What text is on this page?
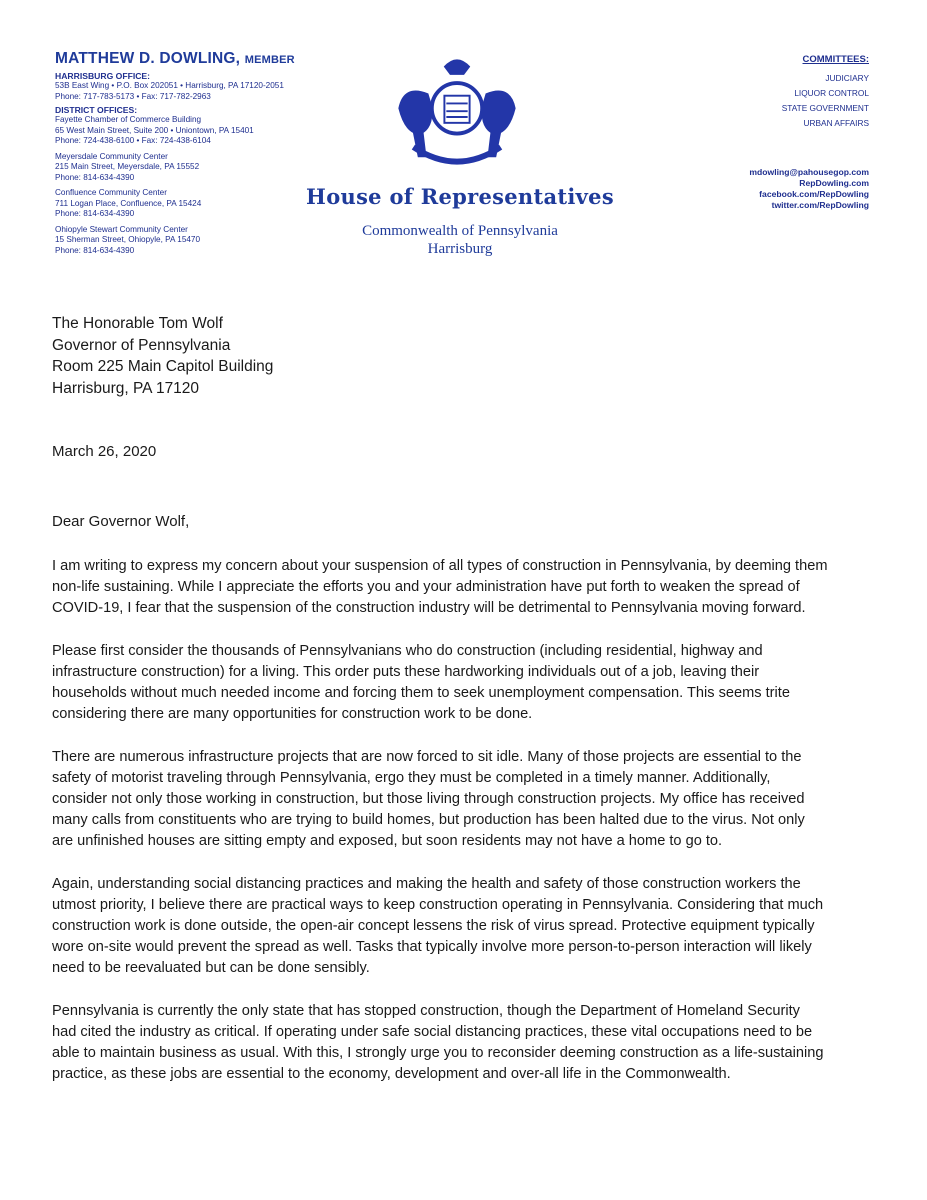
MATTHEW D. DOWLING, MEMBER
HARRISBURG OFFICE:
53B East Wing • P.O. Box 202051 • Harrisburg, PA 17120-2051
Phone: 717-783-5173 • Fax: 717-782-2963
DISTRICT OFFICES:
Fayette Chamber of Commerce Building
65 West Main Street, Suite 200 • Uniontown, PA 15401
Phone: 724-438-6100 • Fax: 724-438-6104
Meyersdale Community Center
215 Main Street, Meyersdale, PA 15552
Phone: 814-634-4390
Confluence Community Center
711 Logan Place, Confluence, PA 15424
Phone: 814-634-4390
Ohiopyle Stewart Community Center
15 Sherman Street, Ohiopyle, PA 15470
Phone: 814-634-4390
House of Representatives
Commonwealth of Pennsylvania
Harrisburg
COMMITTEES:
JUDICIARY
LIQUOR CONTROL
STATE GOVERNMENT
URBAN AFFAIRS
mdowling@pahousegop.com
RepDowling.com
facebook.com/RepDowling
twitter.com/RepDowling
The Honorable Tom Wolf
Governor of Pennsylvania
Room 225 Main Capitol Building
Harrisburg, PA 17120
March 26, 2020
Dear Governor Wolf,
I am writing to express my concern about your suspension of all types of construction in Pennsylvania, by deeming them
non-life sustaining. While I appreciate the efforts you and your administration have put forth to weaken the spread of
COVID-19, I fear that the suspension of the construction industry will be detrimental to Pennsylvania moving forward.
Please first consider the thousands of Pennsylvanians who do construction (including residential, highway and
infrastructure construction) for a living. This order puts these hardworking individuals out of a job, leaving their
households without much needed income and forcing them to seek unemployment compensation. This seems trite
considering there are many opportunities for construction work to be done.
There are numerous infrastructure projects that are now forced to sit idle. Many of those projects are essential to the
safety of motorist traveling through Pennsylvania, ergo they must be completed in a timely manner. Additionally,
consider not only those working in construction, but those living through construction projects. My office has received
many calls from constituents who are trying to build homes, but production has been halted due to the virus. Not only
are unfinished houses are sitting empty and exposed, but soon residents may not have a home to go to.
Again, understanding social distancing practices and making the health and safety of those construction workers the
utmost priority, I believe there are practical ways to keep construction operating in Pennsylvania. Considering that much
construction work is done outside, the open-air concept lessens the risk of virus spread. Protective equipment typically
wore on-site would prevent the spread as well. Tasks that typically involve more person-to-person interaction will likely
need to be reevaluated but can be done sensibly.
Pennsylvania is currently the only state that has stopped construction, though the Department of Homeland Security
had cited the industry as critical. If operating under safe social distancing practices, these vital occupations need to be
able to maintain business as usual. With this, I strongly urge you to reconsider deeming construction as a life-sustaining
practice, as these jobs are essential to the economy, development and over-all life in the Commonwealth.
